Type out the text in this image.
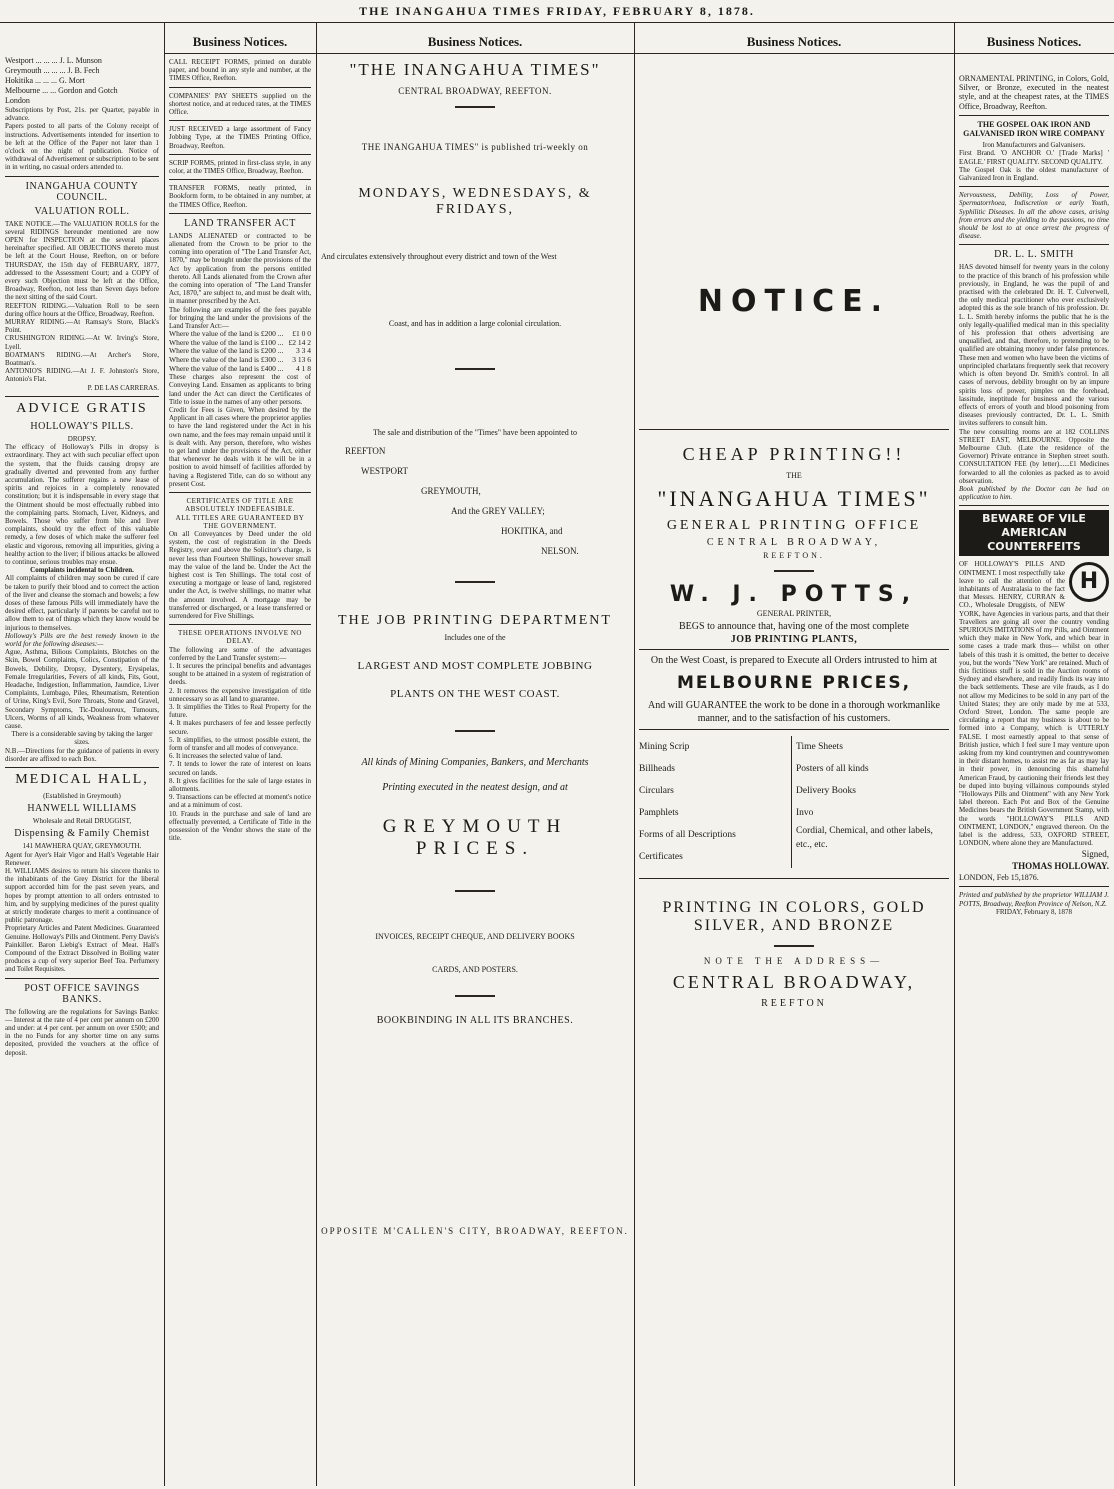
THE INANGAHUA TIMES FRIDAY, FEBRUARY 8, 1878.

Westport ... ... ... J. L. Munson

Greymouth ... ... ... J. B. Fech

Hokitika ... ... ... G. Mort

Melbourne ... ... Gordon and Gotch

London

Subscriptions by Post, 21s. per Quarter, payable in advance.

Papers posted to all parts of the Colony receipt of instructions. Advertisements intended for insertion to be left at the Office of the Paper not later than 1 o'clock on the night of publication. Notice of withdrawal of Advertisement or subscription to be sent in in writing, no casual orders attended to.

INANGAHUA COUNTY COUNCIL.
VALUATION ROLL.

TAKE NOTICE.—The VALUATION ROLLS for the several RIDINGS hereunder mentioned are now OPEN for INSPECTION at the several places hereinafter specified. All OBJECTIONS thereto must be left at the Court House, Reefton, on or before THURSDAY, the 15th day of FEBRUARY, 1877, addressed to the Assessment Court; and a COPY of every such Objection must be left at the Office, Broadway, Reefton, not less than Seven days before the next sitting of the said Court.

REEFTON RIDING.—Valuation Roll to be seen during office hours at the Office, Broadway, Reefton.

MURRAY RIDING.—At Ramsay's Store, Black's Point.

CRUSHINGTON RIDING.—At W. Irving's Store, Lyell.

BOATMAN'S RIDING.—At Archer's Store, Boatman's.

ANTONIO'S RIDING.—At J. F. Johnston's Store, Antonio's Flat.

P. DE LAS CARRERAS.

ADVICE GRATIS
HOLLOWAY'S PILLS.
DROPSY.

The efficacy of Holloway's Pills in dropsy is extraordinary. They act with such peculiar effect upon the system, that the fluids causing dropsy are gradually diverted and prevented from any further accumulation. The sufferer regains a new lease of spirits and rejoices in a completely renovated constitution; but it is indispensable in every stage that the Ointment should be most effectually rubbed into the complaining parts. Stomach, Liver, Kidneys, and Bowels. Those who suffer from bile and liver complaints, should try the effect of this valuable remedy, a few doses of which make the sufferer feel elastic and vigorous, removing all impurities, giving a healthy action to the liver; if bilious attacks be allowed to continue, serious troubles may ensue.

Complaints incidental to Children.

All complaints of children may soon be cured if care be taken to purify their blood and to correct the action of the liver and cleanse the stomach and bowels; a few doses of these famous Pills will immediately have the desired effect, particularly if parents be careful not to allow them to eat of things which they know would be injurious to themselves.

Holloway's Pills are the best remedy known in the world for the following diseases:—

Ague, Asthma, Bilious Complaints, Blotches on the Skin, Bowel Complaints, Colics, Constipation of the Bowels, Debility, Dropsy, Dysentery, Erysipelas, Female Irregularities, Fevers of all kinds, Fits, Gout, Headache, Indigestion, Inflammation, Jaundice, Liver Complaints, Lumbago, Piles, Rheumatism, Retention of Urine, King's Evil, Sore Throats, Stone and Gravel, Secondary Symptoms, Tic-Douloureux, Tumours, Ulcers, Worms of all kinds, Weakness from whatever cause.

There is a considerable saving by taking the larger sizes.

N.B.—Directions for the guidance of patients in every disorder are affixed to each Box.

MEDICAL HALL,
(Established in Greymouth)
HANWELL WILLIAMS
Wholesale and Retail DRUGGIST,
Dispensing & Family Chemist
141 MAWHERA QUAY, GREYMOUTH.

Agent for Ayer's Hair Vigor and Hall's Vegetable Hair Renewer.

H. WILLIAMS desires to return his sincere thanks to the inhabitants of the Grey District for the liberal support accorded him for the past seven years, and hopes by prompt attention to all orders entrusted to him, and by supplying medicines of the purest quality at strictly moderate charges to merit a continuance of public patronage.

Proprietary Articles and Patent Medicines. Guaranteed Genuine. Holloway's Pills and Ointment. Perry Davis's Painkiller. Baron Liebig's Extract of Meat. Hall's Compound of the Extract Dissolved in Boiling water produces a cup of very superior Beef Tea. Perfumery and Toilet Requisites.

POST OFFICE SAVINGS BANKS.

The following are the regulations for Savings Banks:— Interest at the rate of 4 per cent per annum on £200 and under: at 4 per cent. per annum on over £500; and in the no Funds for any shorter time on any sums deposited, provided the vouchers at the office of deposit.

Business Notices.

CALL RECEIPT FORMS, printed on durable paper, and bound in any style and number, at the TIMES Office, Reefton.

COMPANIES' PAY SHEETS supplied on the shortest notice, and at reduced rates, at the TIMES Office.

JUST RECEIVED a large assortment of Fancy Jobbing Type, at the TIMES Printing Office, Broadway, Reefton.

SCRIP FORMS, printed in first-class style, in any color, at the TIMES Office, Broadway, Reefton.

TRANSFER FORMS, neatly printed, in Bookform form, to be obtained in any number, at the TIMES Office, Reefton.

LAND TRANSFER ACT

LANDS ALIENATED or contracted to be alienated from the Crown to be prior to the coming into operation of "The Land Transfer Act, 1870," may be brought under the provisions of the Act by application from the persons entitled thereto. All Lands alienated from the Crown after the coming into operation of "The Land Transfer Act, 1870," are subject to, and must be dealt with, in manner prescribed by the Act.

The following are examples of the fees payable for bringing the land under the provisions of the Land Transfer Act:—

Where the value of the land is £200 ... £1 0 0
Where the value of the land is £100 ... £2 14 2
Where the value of the land is £200 ... 3 3 4
Where the value of the land is £300 ... 3 13 6
Where the value of the land is £400 ... 4 1 8

These charges also represent the cost of Conveying Land. Ensamen as applicants to bring land under the Act can direct the Certificates of Title to issue in the names of any other persons.

Credit for Fees is Given, When desired by the Applicant in all cases where the proprietor applies to have the land registered under the Act in his own name, and the fees may remain unpaid until it is dealt with. Any person, therefore, who wishes to get land under the provisions of the Act, either that whenever he deals with it he will be in a position to avoid himself of facilities afforded by having a Registered Title, can do so without any present Cost.

CERTIFICATES OF TITLE ARE ABSOLUTELY INDEFEASIBLE.
ALL TITLES ARE GUARANTEED BY THE GOVERNMENT.

On all Conveyances by Deed under the old system, the cost of registration in the Deeds Registry, over and above the Solicitor's charge, is never less than Fourteen Shillings, however small may the value of the land be. Under the Act the highest cost is Ten Shillings. The total cost of executing a mortgage or lease of land, registered under the Act, is twelve shillings, no matter what the amount involved. A mortgage may be transferred or discharged, or a lease transferred or surrendered for Five Shillings.

THESE OPERATIONS INVOLVE NO DELAY.

The following are some of the advantages conferred by the Land Transfer system:—

1. It secures the principal benefits and advantages sought to be attained in a system of registration of deeds.

2. It removes the expensive investigation of title unnecessary so as all land to guarantee.

3. It simplifies the Titles to Real Property for the future.

4. It makes purchasers of fee and lessee perfectly secure.

5. It simplifies, to the utmost possible extent, the form of transfer and all modes of conveyance.

6. It increases the selected value of land.

7. It tends to lower the rate of interest on loans secured on lands.

8. It gives facilities for the sale of large estates in allotments.

9. Transactions can be effected at moment's notice and at a minimum of cost.

10. Frauds in the purchase and sale of land are effectually prevented, a Certificate of Title in the possession of the Vendor shows the state of the title.

Business Notices.
"THE INANGAHUA TIMES"
CENTRAL BROADWAY, REEFTON.
THE INANGAHUA TIMES" is published tri-weekly on
MONDAYS, WEDNESDAYS, & FRIDAYS,
And circulates extensively throughout every district and town of the West
Coast, and has in addition a large colonial circulation.
The sale and distribution of the "Times" have been appointed to

REEFTON

WESTPORT

GREYMOUTH,

And the GREY VALLEY;

HOKITIKA, and

NELSON.

THE JOB PRINTING DEPARTMENT
Includes one of the
LARGEST AND MOST COMPLETE JOBBING
PLANTS ON THE WEST COAST.
All kinds of Mining Companies, Bankers, and Merchants
Printing executed in the neatest design, and at
GREYMOUTH PRICES.
INVOICES, RECEIPT CHEQUE, AND DELIVERY BOOKS
CARDS, AND POSTERS.
BOOKBINDING IN ALL ITS BRANCHES.
OPPOSITE M'CALLEN'S CITY, BROADWAY, REEFTON.
Business Notices.
NOTICE.
CHEAP PRINTING!!
THE
"INANGAHUA TIMES"
GENERAL PRINTING OFFICE
CENTRAL BROADWAY,
REEFTON.
W. J. POTTS,
GENERAL PRINTER,
BEGS to announce that, having one of the most complete
JOB PRINTING PLANTS,
On the West Coast, is prepared to Execute all Orders intrusted to him at
MELBOURNE PRICES,
And will GUARANTEE the work to be done in a thorough workmanlike manner, and to the satisfaction of his customers.
Mining Scrip
Billheads
Circulars
Pamphlets
Forms of all Descriptions
Certificates
Time Sheets
Posters of all kinds
Delivery Books
Invo
Cordial, Chemical, and other labels, etc., etc.
PRINTING IN COLORS, GOLD SILVER, AND BRONZE
NOTE THE ADDRESS—
CENTRAL BROADWAY,
REEFTON
Business Notices.

ORNAMENTAL PRINTING, in Colors, Gold, Silver, or Bronze, executed in the neatest style, and at the cheapest rates, at the TIMES Office, Broadway, Reefton.

THE GOSPEL OAK IRON AND GALVANISED IRON WIRE COMPANY
Iron Manufacturers and Galvanisers.

First Brand. 'O ANCHOR O.' [Trade Marks] ' EAGLE.' FIRST QUALITY. SECOND QUALITY.

The Gospel Oak is the oldest manufacturer of Galvanized Iron in England.

Nervousness, Debility, Loss of Power, Spermatorrhoea, Indiscretion or early Youth, Syphilitic Diseases. In all the above cases, arising from errors and the yielding to the passions, no time should be lost to at once arrest the progress of disease.

DR. L. L. SMITH

HAS devoted himself for twenty years in the colony to the practice of this branch of his profession while previously, in England, he was the pupil of and practised with the celebrated Dr. H. T. Culverwell, the only medical practitioner who ever exclusively adopted this as the sole branch of his profession. Dr. L. L. Smith hereby informs the public that he is the only legally-qualified medical man in this speciality of his profession that others advertising are unqualified, and that, therefore, to pretending to be qualified are obtaining money under false pretences. These men and women who have been the victims of unprincipled charlatans frequently seek that recovery which is often beyond Dr. Smith's control. In all cases of nervous, debility brought on by an impure spirits loss of power, pimples on the forehead, lassitude, ineptitude for business and the various effects of errors of youth and blood poisoning from diseases previously contracted, Dr. L. L. Smith invites sufferers to consult him.

The new consulting rooms are at 182 COLLINS STREET EAST, MELBOURNE. Opposite the Melbourne Club. (Late the residence of the Governor) Private entrance in Stephen street south. CONSULTATION FEE (by letter)......£1 Medicines forwarded to all the colonies as packed as to avoid observation.

Book published by the Doctor can be had on application to him.

BEWARE OF VILE
AMERICAN COUNTERFEITS
H

OF HOLLOWAY'S PILLS AND OINTMENT. I most respectfully take leave to call the attention of the inhabitants of Australasia to the fact that Messrs. HENRY, CURRAN & CO., Wholesale Druggists, of NEW YORK, have Agencies in various parts, and that their Travellers are going all over the country vending SPURIOUS IMITATIONS of my Pills, and Ointment which they make in New York, and which bear in some cases a trade mark thus— whilst on other labels of this trash it is omitted, the better to deceive you, but the words "New York" are retained. Much of this fictitious stuff is sold in the Auction rooms of Sydney and elsewhere, and readily finds its way into the back settlements. These are vile frauds, as I do not allow my Medicines to be sold in any part of the United States; they are only made by me at 533, Oxford Street, London. The same people are circulating a report that my business is about to be formed into a Company, which is UTTERLY FALSE. I most earnestly appeal to that sense of British justice, which I feel sure I may venture upon asking from my kind countrymen and countrywomen in their distant homes, to assist me as far as may lay in their power, in denouncing this shameful American Fraud, by cautioning their friends lest they be duped into buying villainous compounds styled "Holloways Pills and Ointment" with any New York label thereon. Each Pot and Box of the Genuine Medicines bears the British Government Stamp, with the words "HOLLOWAY'S PILLS AND OINTMENT, LONDON," engraved thereon. On the label is the address, 533, OXFORD STREET, LONDON, where alone they are Manufactured.

Signed,
THOMAS HOLLOWAY.
LONDON, Feb 15,1876.

Printed and published by the proprietor WILLIAM J. POTTS, Broadway, Reefton Province of Nelson, N.Z.

FRIDAY, February 8, 1878
